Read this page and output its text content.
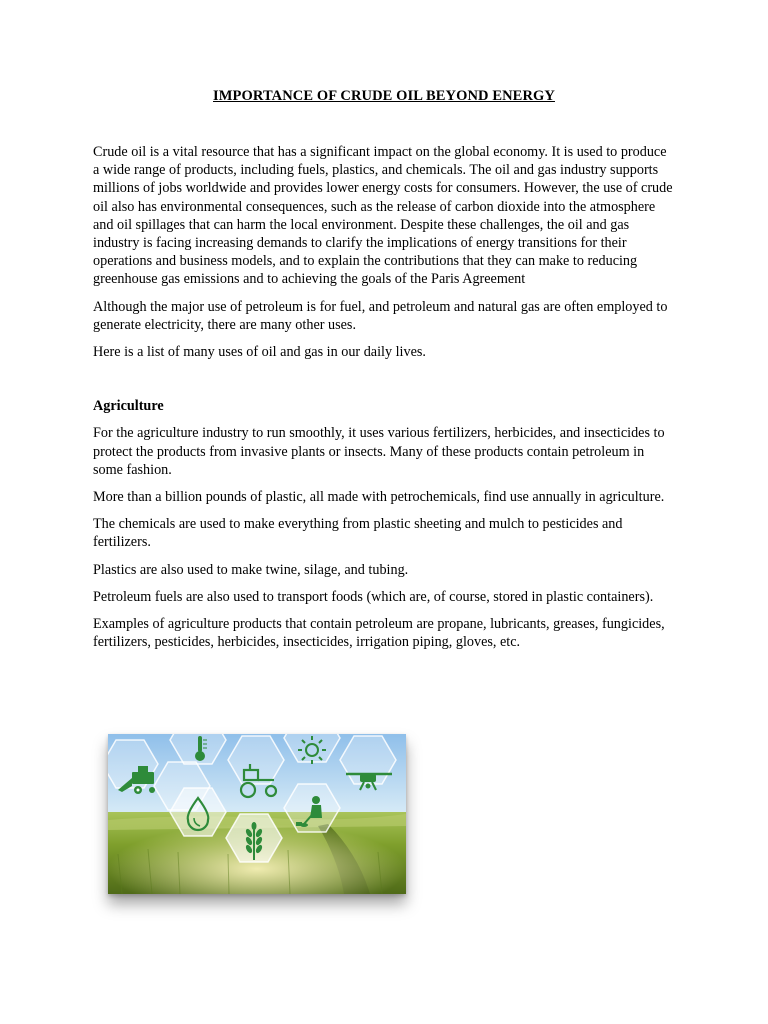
IMPORTANCE OF CRUDE OIL BEYOND ENERGY

Crude oil is a vital resource that has a significant impact on the global economy. It is used to produce a wide range of products, including fuels, plastics, and chemicals. The oil and gas industry supports millions of jobs worldwide and provides lower energy costs for consumers. However, the use of crude oil also has environmental consequences, such as the release of carbon dioxide into the atmosphere and oil spillages that can harm the local environment. Despite these challenges, the oil and gas industry is facing increasing demands to clarify the implications of energy transitions for their operations and business models, and to explain the contributions that they can make to reducing greenhouse gas emissions and to achieving the goals of the Paris Agreement

Although the major use of petroleum is for fuel, and petroleum and natural gas are often employed to generate electricity, there are many other uses.

Here is a list of many uses of oil and gas in our daily lives.

Agriculture

For the agriculture industry to run smoothly, it uses various fertilizers, herbicides, and insecticides to protect the products from invasive plants or insects. Many of these products contain petroleum in some fashion.

More than a billion pounds of plastic, all made with petrochemicals, find use annually in agriculture.

The chemicals are used to make everything from plastic sheeting and mulch to pesticides and fertilizers.

Plastics are also used to make twine, silage, and tubing.

Petroleum fuels are also used to transport foods (which are, of course, stored in plastic containers).

Examples of agriculture products that contain petroleum are propane, lubricants, greases, fungicides, fertilizers, pesticides, herbicides, insecticides, irrigation piping, gloves, etc.
